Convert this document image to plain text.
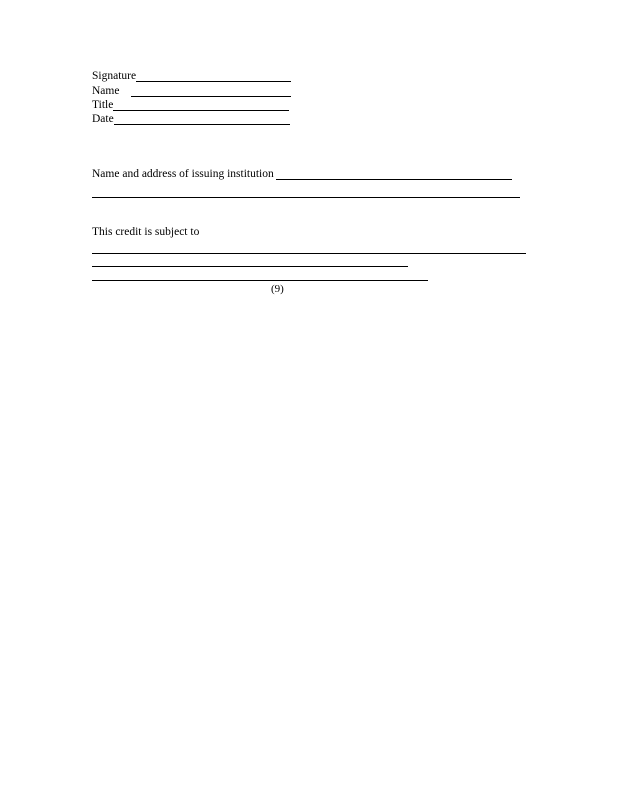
Signature
Name
Title
Date
Name and address of issuing institution
This credit is subject to
(9)
